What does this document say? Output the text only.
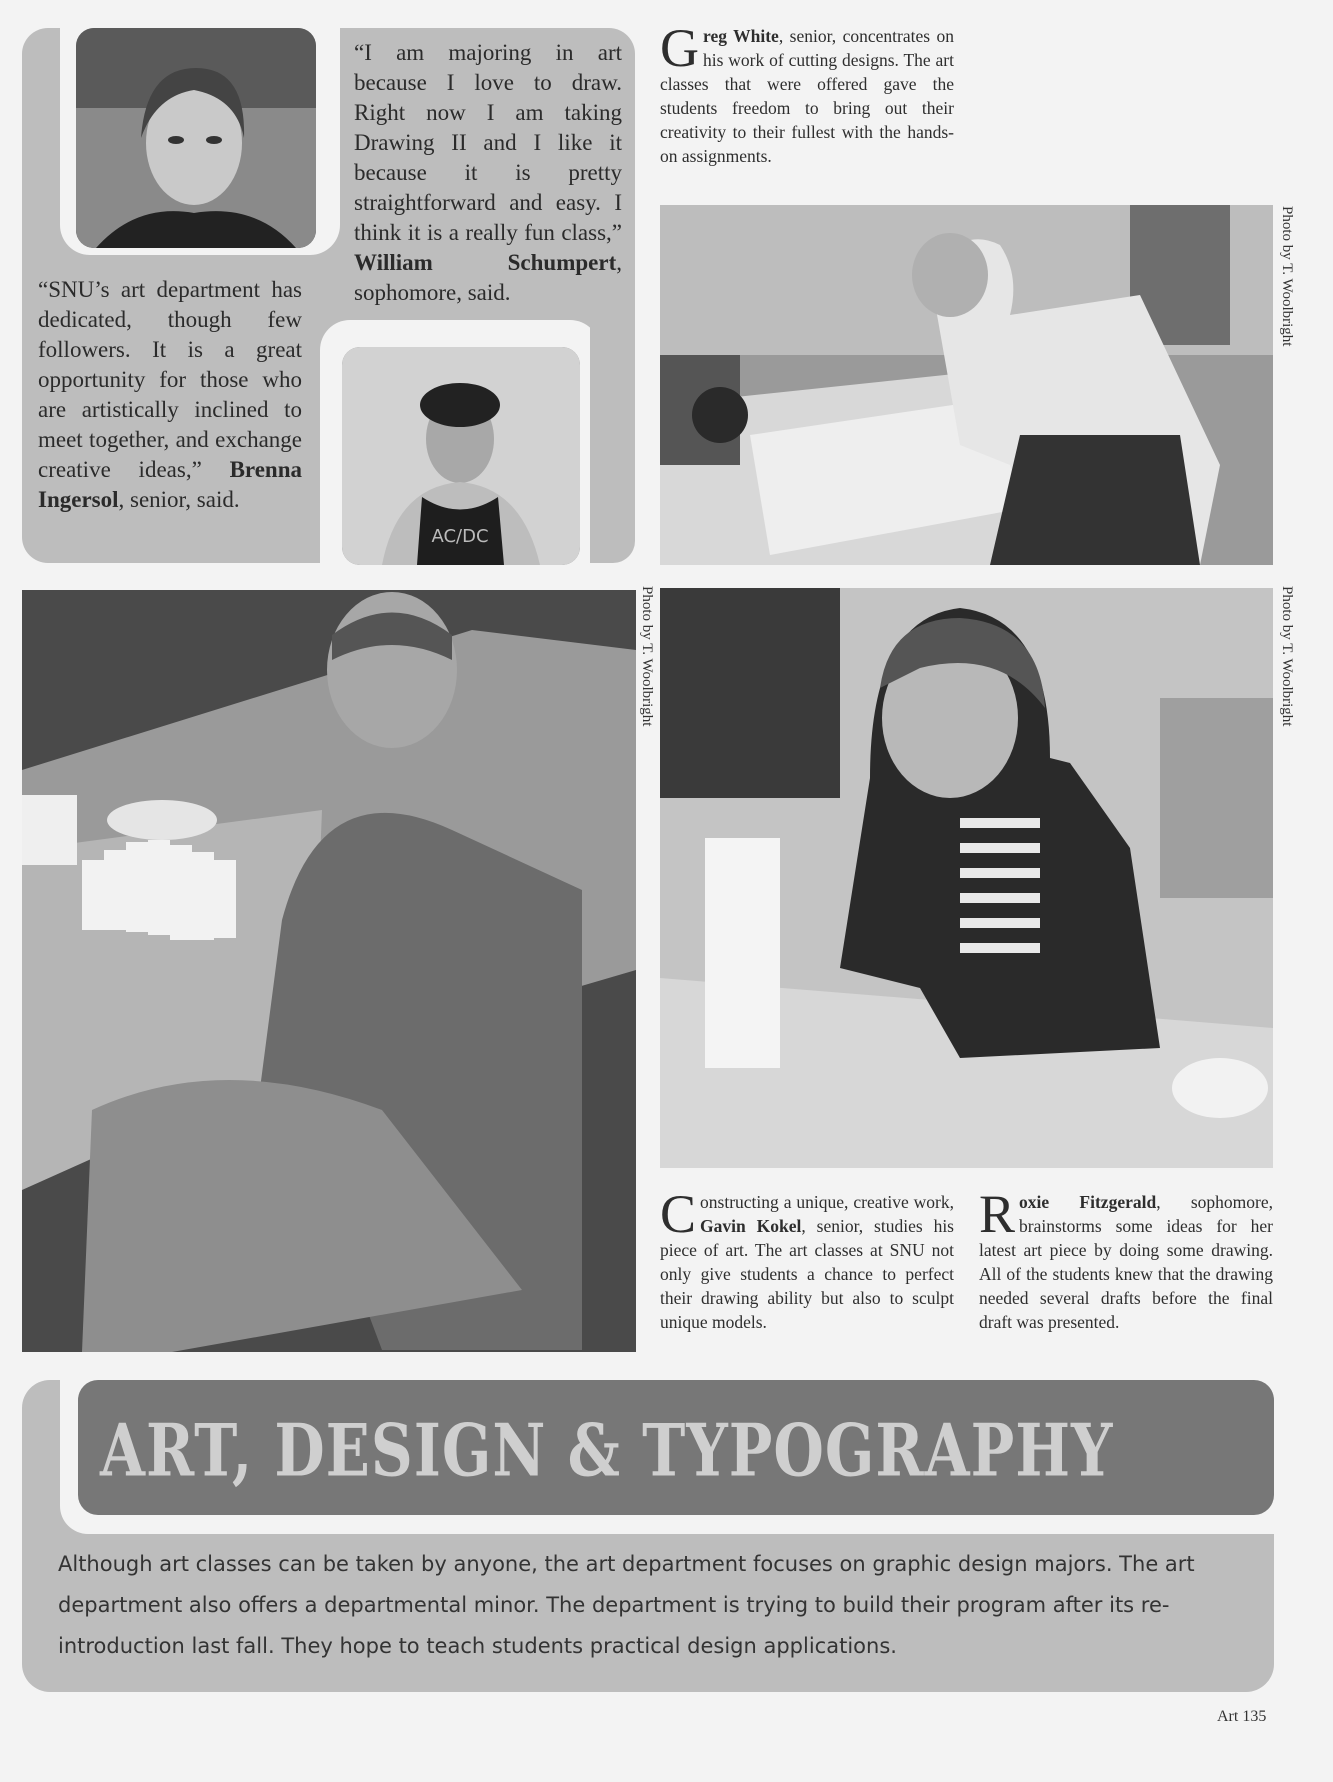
“SNU’s art department has dedicated, though few followers. It is a great opportunity for those who are artistically inclined to meet together, and exchange creative ideas,” Brenna Ingersol, senior, said.
“I am majoring in art because I love to draw. Right now I am taking Drawing II and I like it because it is pretty straightforward and easy. I think it is a really fun class,” William Schumpert, sophomore, said.
AC/DC
Greg White, senior, concentrates on his work of cutting designs. The art classes that were offered gave the students freedom to bring out their creativity to their fullest with the hands-on assignments.
Photo by T. Woolbright
Photo by T. Woolbright	Photo by T. Woolbright
Constructing a unique, creative work, Gavin Kokel, senior, studies his piece of art. The art classes at SNU not only give students a chance to perfect their drawing ability but also to sculpt unique models.
Roxie Fitzgerald, sophomore, brainstorms some ideas for her latest art piece by doing some drawing. All of the students knew that the drawing needed several drafts before the final draft was presented.
ART, DESIGN & TYPOGRAPHY
Although art classes can be taken by anyone, the art department focuses on graphic design majors. The art department also offers a departmental minor. The department is trying to build their program after its re-introduction last fall. They hope to teach students practical design applications.
Art 135
